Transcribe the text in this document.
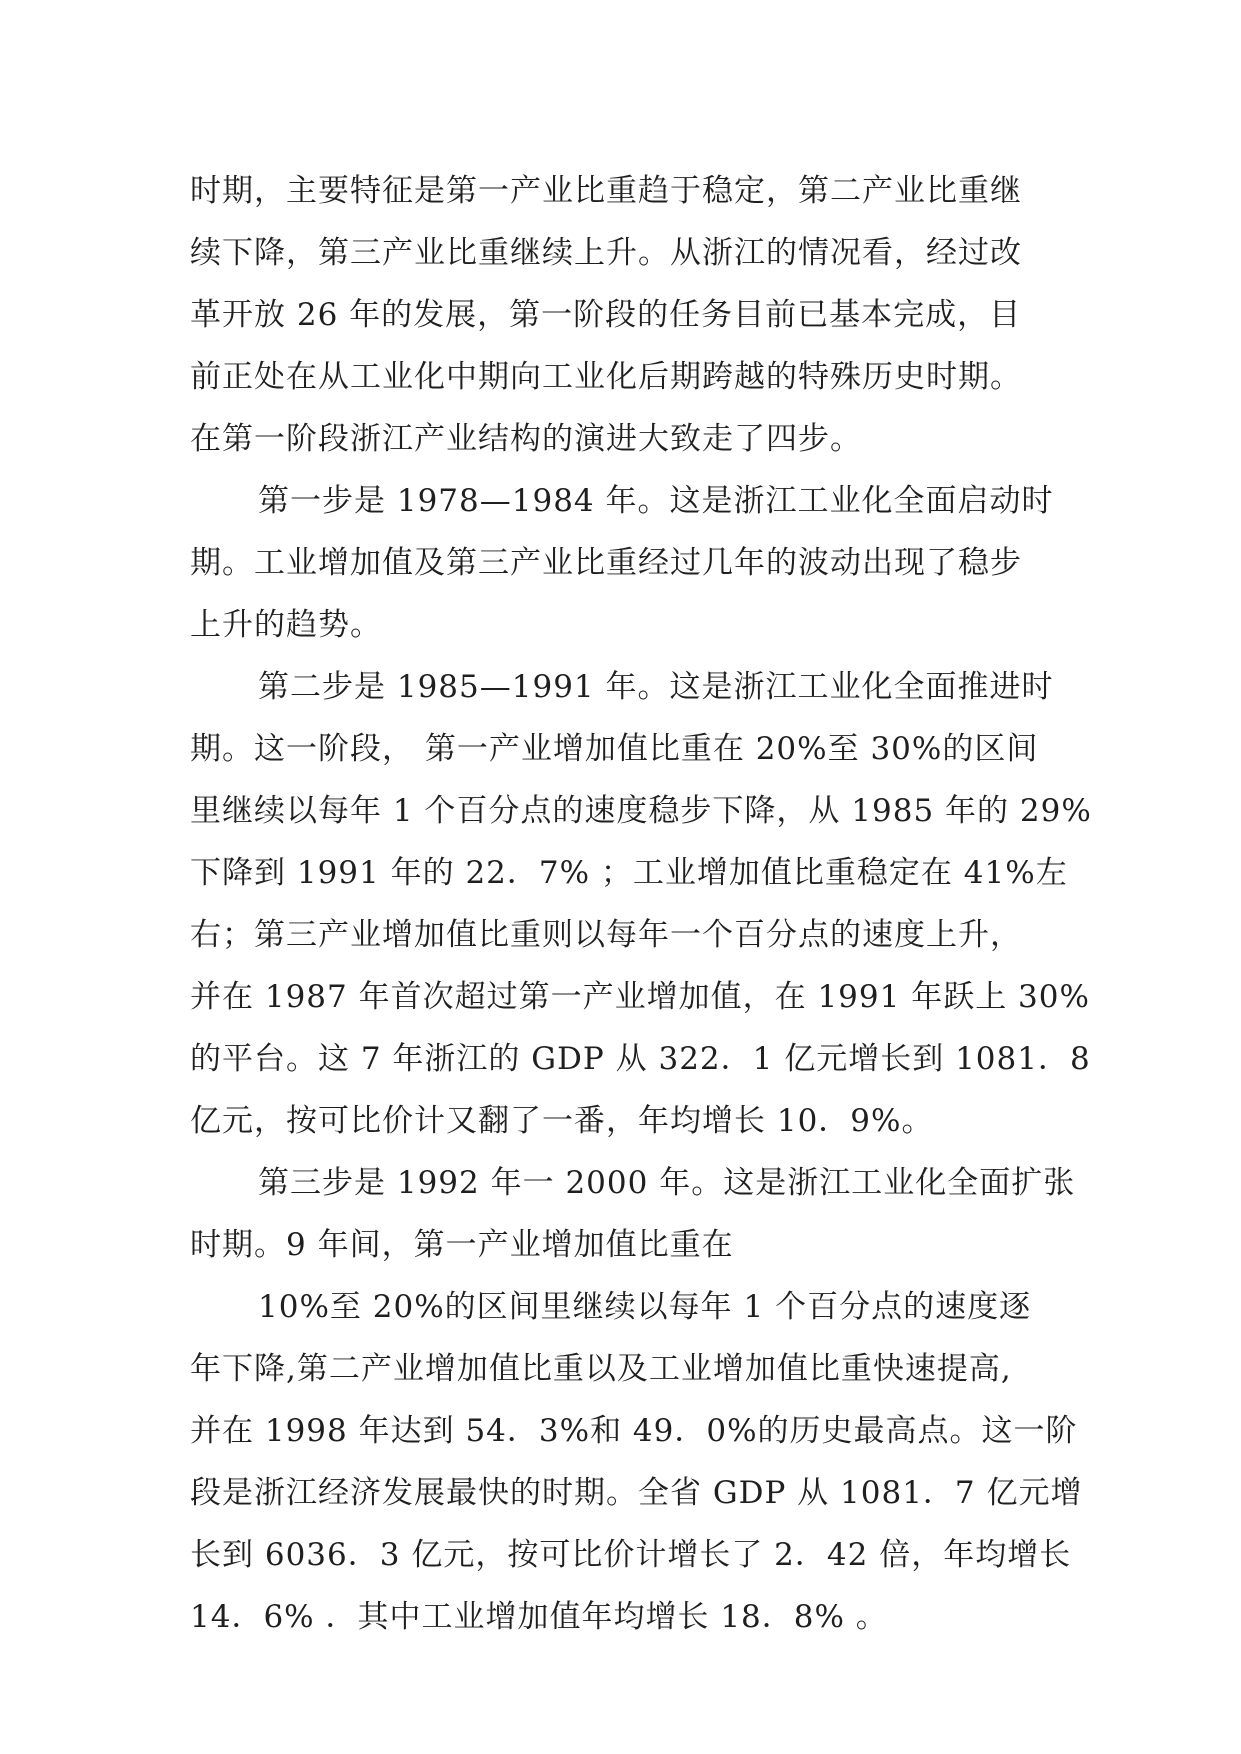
时期，主要特征是第一产业比重趋于稳定，第二产业比重继
续下降，第三产业比重继续上升。从浙江的情况看，经过改
革开放 26 年的发展，第一阶段的任务目前已基本完成，目
前正处在从工业化中期向工业化后期跨越的特殊历史时期。
在第一阶段浙江产业结构的演进大致走了四步。
第一步是 1978—1984 年。这是浙江工业化全面启动时
期。工业增加值及第三产业比重经过几年的波动出现了稳步
上升的趋势。
第二步是 1985—1991 年。这是浙江工业化全面推进时
期。这一阶段， 第一产业增加值比重在 20%至 30%的区间
里继续以每年 1 个百分点的速度稳步下降，从 1985 年的 29%
下降到 1991 年的 22．7% ；工业增加值比重稳定在 41%左
右；第三产业增加值比重则以每年一个百分点的速度上升，
并在 1987 年首次超过第一产业增加值，在 1991 年跃上 30%
的平台。这 7 年浙江的 GDP 从 322．1 亿元增长到 1081．8
亿元，按可比价计又翻了一番，年均增长 10．9%。
第三步是 1992 年一 2000 年。这是浙江工业化全面扩张
时期。9 年间，第一产业增加值比重在
10%至 20%的区间里继续以每年 1 个百分点的速度逐
年下降,第二产业增加值比重以及工业增加值比重快速提高,
并在 1998 年达到 54．3%和 49．0%的历史最高点。这一阶
段是浙江经济发展最快的时期。全省 GDP 从 1081．7 亿元增
长到 6036．3 亿元，按可比价计增长了 2．42 倍，年均增长
14．6% ．其中工业增加值年均增长 18．8% 。
